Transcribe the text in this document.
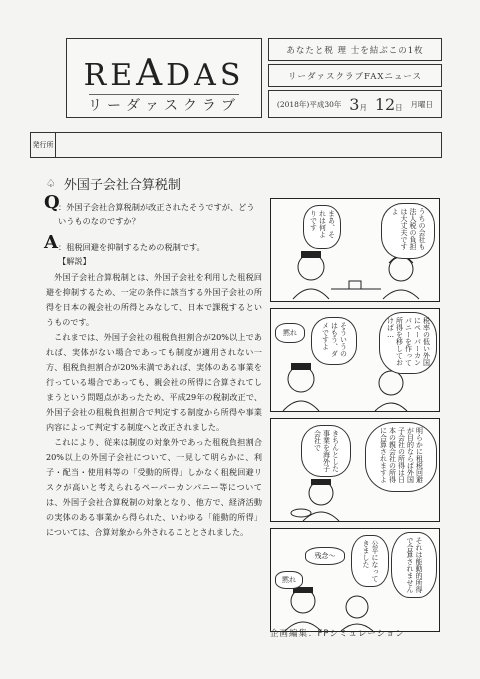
READAS
リーダァスクラブ
あなたと税 理 士を結ぶこの1枚
リーダァスクラブFAXニュース
(2018年)平成30年 3月 12日 月曜日
発行所
♤ 外国子会社合算税制
Q
：外国子会社合算税制が改正されたそうですが、どういうものなのですか？
A ：租税回避を抑制するための税制です。
【解説】

外国子会社合算税制とは、外国子会社を利用した租税回避を抑制するため、一定の条件に該当する外国子会社の所得を日本の親会社の所得とみなして、日本で課税するというものです。

これまでは、外国子会社の租税負担割合が20%以上であれば、実体がない場合であっても制度が適用されない一方、租税負担割合が20%未満であれば、実体のある事業を行っている場合であっても、親会社の所得に合算されてしまうという問題点があったため、平成29年の税制改正で、外国子会社の租税負担割合で判定する制度から所得や事業内容によって判定する制度へと改正されました。

これにより、従来は制度の対象外であった租税負担割合20%以上の外国子会社について、一見して明らかに、利子・配当・使用料等の「受動的所得」しかなく租税回避リスクが高いと考えられるペーパーカンパニー等については、外国子会社合算税制の対象となり、他方で、経済活動の実体のある事業から得られた、いわゆる「能動的所得」については、合算対象から外されることとされました。

うちの会社も法人税の負担は大丈夫ですよ
まあ、それは何よりです
税率の低い外国にペーパーカンパニーを作って所得を移しておけば…
そういうのはもう、ダメですよ
黙れ
明らかに租税回避が目的ならば外国子会社の所得は日本の親会社の所得に合算されますよ
きちんとした事業を海外子会社で
それは能動的所得で合算されません
公平になってきました
残念〜
黙れ
企画編集：FPシミュレーション
